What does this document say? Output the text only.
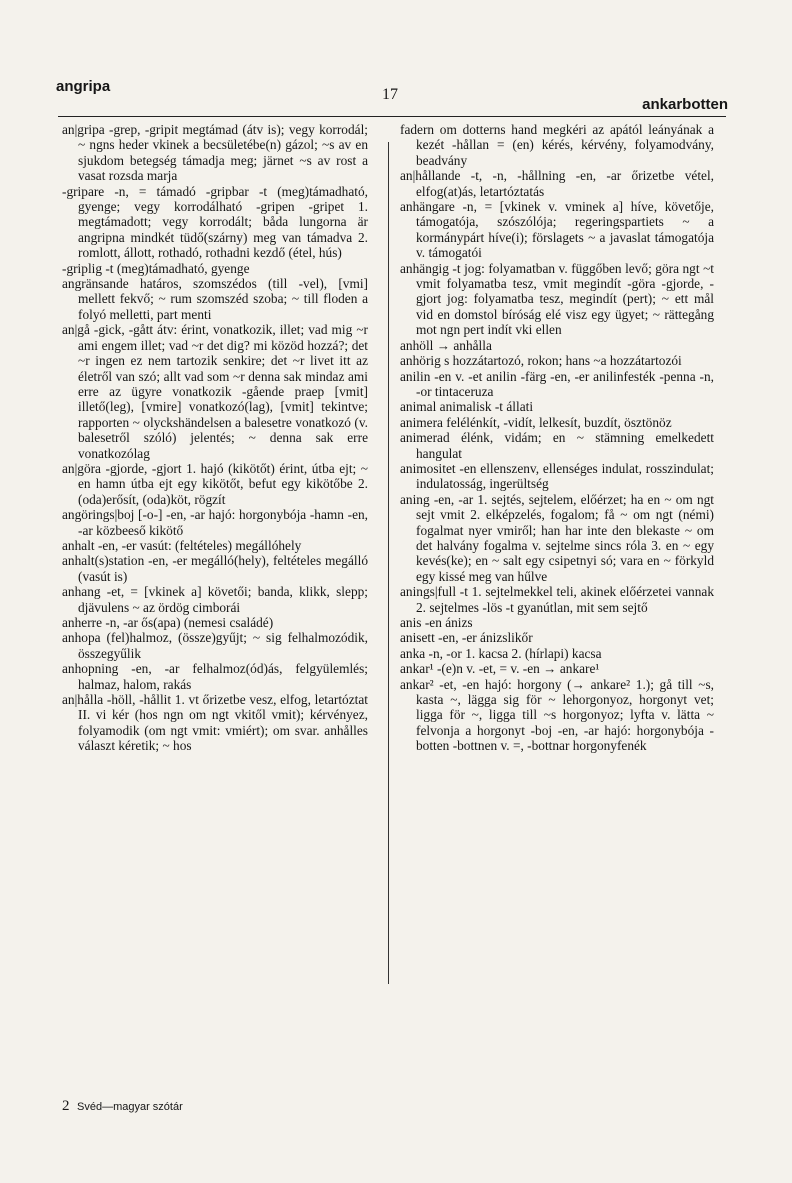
angripa	17
ankarbotten

an|gripa -grep, -gripit megtámad (átv is); vegy korrodál; ~ ngns heder vkinek a becsületébe(n) gázol; ~s av en sjukdom betegség támadja meg; järnet ~s av rost a vasat rozsda marja

-gripare -n, = támadó -gripbar -t (meg)támadható, gyenge; vegy korrodálható -gripen -gripet 1. megtámadott; vegy korrodált; båda lungorna är angripna mindkét tüdő(szárny) meg van támadva 2. romlott, állott, rothadó, rothadni kezdő (étel, hús)

-griplig -t (meg)támadható, gyenge

angränsande határos, szomszédos (till -vel), [vmi] mellett fekvő; ~ rum szomszéd szoba; ~ till floden a folyó melletti, part menti

an|gå -gick, -gått átv: érint, vonatkozik, illet; vad mig ~r ami engem illet; vad ~r det dig? mi közöd hozzá?; det ~r ingen ez nem tartozik senkire; det ~r livet itt az életről van szó; allt vad som ~r denna sak mindaz ami erre az ügyre vonatkozik -gående praep [vmit] illető(leg), [vmire] vonatkozó(lag), [vmit] tekintve; rapporten ~ olyckshändelsen a balesetre vonatkozó (v. balesetről szóló) jelentés; ~ denna sak erre vonatkozólag

an|göra -gjorde, -gjort 1. hajó (kikötőt) érint, útba ejt; ~ en hamn útba ejt egy kikötőt, befut egy kikötőbe 2. (oda)erősít, (oda)köt, rögzít

angörings|boj [-o-] -en, -ar hajó: horgonybója -hamn -en, -ar közbeeső kikötő

anhalt -en, -er vasút: (feltételes) megállóhely

anhalt(s)station -en, -er megálló(hely), feltételes megálló (vasút is)

anhang -et, = [vkinek a] követői; banda, klikk, slepp; djävulens ~ az ördög cimborái

anherre -n, -ar ős(apa) (nemesi családé)

anhopa (fel)halmoz, (össze)gyűjt; ~ sig felhalmozódik, összegyűlik

anhopning -en, -ar felhalmoz(ód)ás, felgyülemlés; halmaz, halom, rakás

an|hålla -höll, -hållit 1. vt őrizetbe vesz, elfog, letartóztat II. vi kér (hos ngn om ngt vkitől vmit); kérvényez, folyamodik (om ngt vmit: vmiért); om svar. anhålles választ kéretik; ~ hos

fadern om dotterns hand megkéri az apától leányának a kezét -hållan = (en) kérés, kérvény, folyamodvány, beadvány

an|hållande -t, -n, -hållning -en, -ar őrizetbe vétel, elfog(at)ás, letartóztatás

anhängare -n, = [vkinek v. vminek a] híve, követője, támogatója, szószólója; regeringspartiets ~ a kormánypárt híve(i); förslagets ~ a javaslat támogatója v. támogatói

anhängig -t jog: folyamatban v. függőben levő; göra ngt ~t vmit folyamatba tesz, vmit megindít -göra -gjorde, -gjort jog: folyamatba tesz, megindít (pert); ~ ett mål vid en domstol bíróság elé visz egy ügyet; ~ rättegång mot ngn pert indít vki ellen

anhöll → anhålla

anhörig s hozzátartozó, rokon; hans ~a hozzátartozói

anilin -en v. -et anilin -färg -en, -er anilinfesték -penna -n, -or tintaceruza

animal animalisk -t állati

animera felélénkít, -vidít, lelkesít, buzdít, ösztönöz

animerad élénk, vidám; en ~ stämning emelkedett hangulat

animositet -en ellenszenv, ellenséges indulat, rosszindulat; indulatosság, ingerültség

aning -en, -ar 1. sejtés, sejtelem, előérzet; ha en ~ om ngt sejt vmit 2. elképzelés, fogalom; få ~ om ngt (némi) fogalmat nyer vmiről; han har inte den blekaste ~ om det halvány fogalma v. sejtelme sincs róla 3. en ~ egy kevés(ke); en ~ salt egy csipetnyi só; vara en ~ förkyld egy kissé meg van hűlve

anings|full -t 1. sejtelmekkel teli, akinek előérzetei vannak 2. sejtelmes -lös -t gyanútlan, mit sem sejtő

anis -en ánizs

anisett -en, -er ánizslikőr

anka -n, -or 1. kacsa 2. (hírlapi) kacsa

ankar¹ -(e)n v. -et, = v. -en → ankare¹

ankar² -et, -en hajó: horgony (→ ankare² 1.); gå till ~s, kasta ~, lägga sig för ~ lehorgonyoz, horgonyt vet; ligga för ~, ligga till ~s horgonyoz; lyfta v. lätta ~ felvonja a horgonyt -boj -en, -ar hajó: horgonybója -botten -bottnen v. =, -bottnar horgonyfenék

2 Svéd—magyar szótár
